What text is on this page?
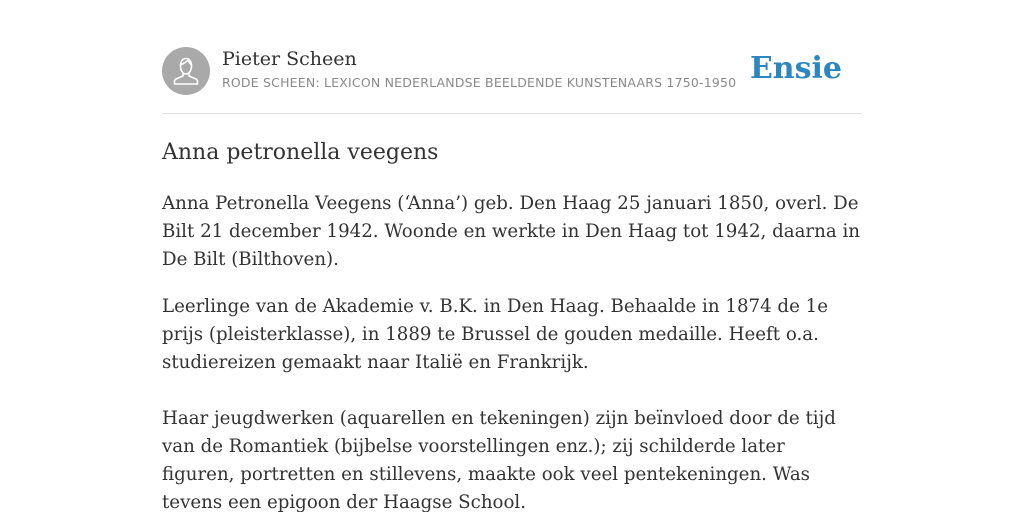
Pieter Scheen
RODE SCHEEN: LEXICON NEDERLANDSE BEELDENDE KUNSTENAARS 1750-1950 Ensie
Anna petronella veegens

Anna Petronella Veegens (‘Anna’) geb. Den Haag 25 januari 1850, overl. De Bilt 21 december 1942. Woonde en werkte in Den Haag tot 1942, daarna in De Bilt (Bilthoven).

Leerlinge van de Akademie v. B.K. in Den Haag. Behaalde in 1874 de 1e prijs (pleisterklasse), in 1889 te Brussel de gouden medaille. Heeft o.a. studiereizen gemaakt naar Italië en Frankrijk.

Haar jeugdwerken (aquarellen en tekeningen) zijn beïnvloed door de tijd van de Romantiek (bijbelse voorstellingen enz.); zij schilderde later figuren, portretten en stillevens, maakte ook veel pentekeningen. Was tevens een epigoon der Haagse School.
